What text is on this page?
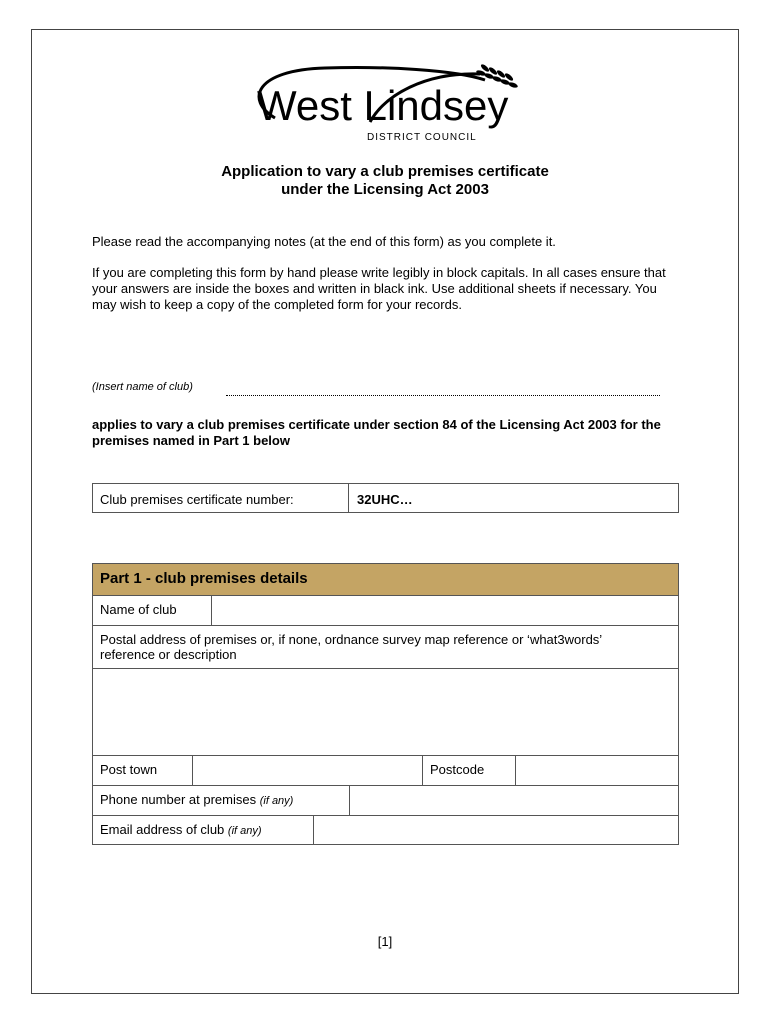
West Lindsey
DISTRICT COUNCIL
Application to vary a club premises certificate
under the Licensing Act 2003
Please read the accompanying notes (at the end of this form) as you complete it.
If you are completing this form by hand please write legibly in block capitals. In all cases ensure that your answers are inside the boxes and written in black ink. Use additional sheets if necessary. You may wish to keep a copy of the completed form for your records.
(Insert name of club)
applies to vary a club premises certificate under section 84 of the Licensing Act 2003 for the premises named in Part 1 below
Club premises certificate number:	32UHC…
Part 1 - club premises details
Name of club
Postal address of premises or, if none, ordnance survey map reference or ‘what3words’ reference or description
Post town	Postcode
Phone number at premises (if any)
Email address of club (if any)
[1]
